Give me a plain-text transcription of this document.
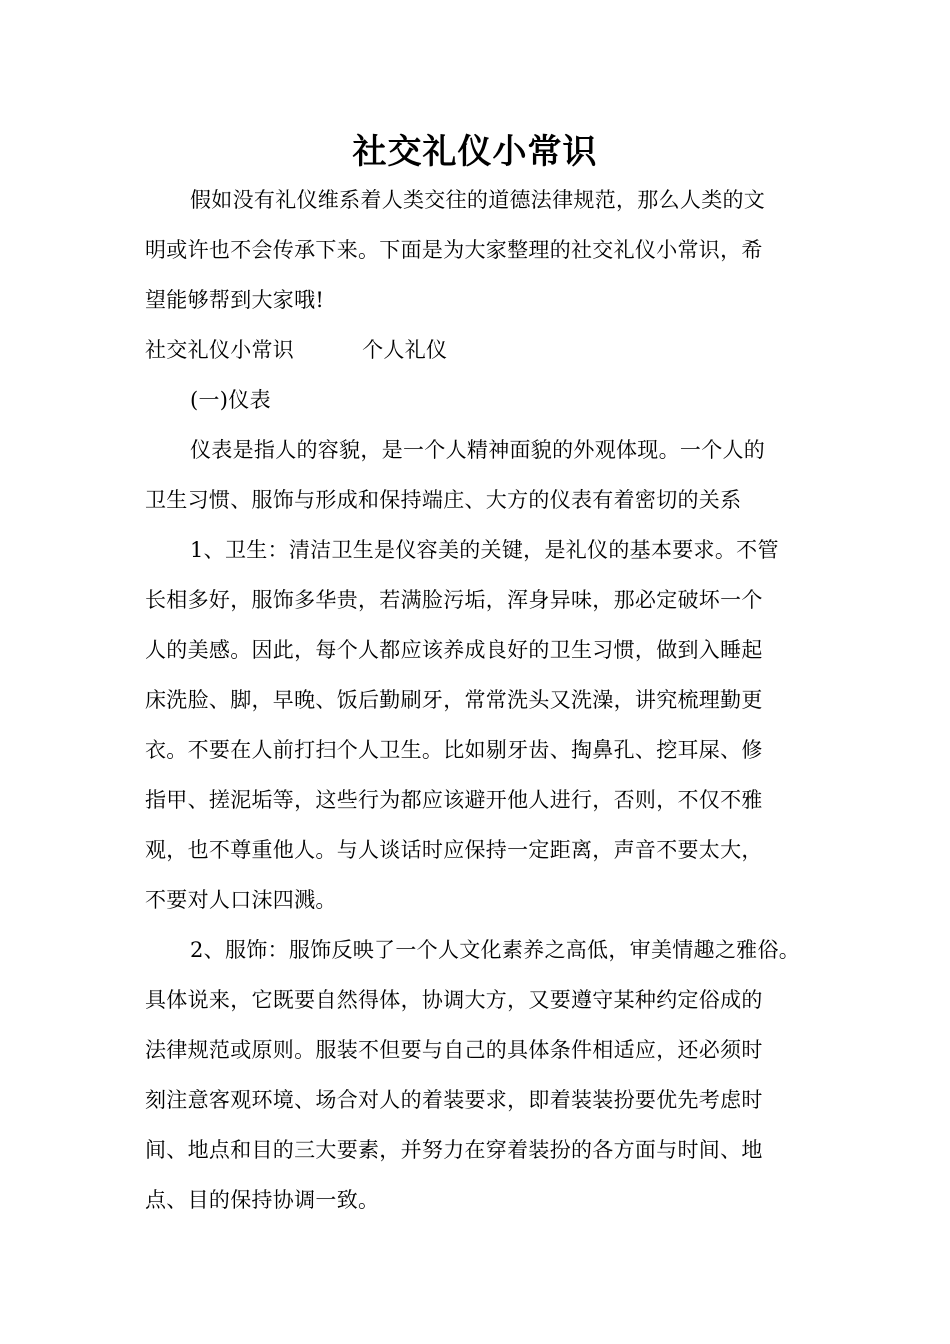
社交礼仪小常识
假如没有礼仪维系着人类交往的道德法律规范，那么人类的文
明或许也不会传承下来。下面是为大家整理的社交礼仪小常识，希
望能够帮到大家哦!
社交礼仪小常识	个人礼仪
(一)仪表
仪表是指人的容貌，是一个人精神面貌的外观体现。一个人的
卫生习惯、服饰与形成和保持端庄、大方的仪表有着密切的关系
1、卫生：清洁卫生是仪容美的关键，是礼仪的基本要求。不管
长相多好，服饰多华贵，若满脸污垢，浑身异味，那必定破坏一个
人的美感。因此，每个人都应该养成良好的卫生习惯，做到入睡起
床洗脸、脚，早晚、饭后勤刷牙，常常洗头又洗澡，讲究梳理勤更
衣。不要在人前打扫个人卫生。比如剔牙齿、掏鼻孔、挖耳屎、修
指甲、搓泥垢等，这些行为都应该避开他人进行，否则，不仅不雅
观，也不尊重他人。与人谈话时应保持一定距离，声音不要太大，
不要对人口沫四溅。
2、服饰：服饰反映了一个人文化素养之高低，审美情趣之雅俗。
具体说来，它既要自然得体，协调大方，又要遵守某种约定俗成的
法律规范或原则。服装不但要与自己的具体条件相适应，还必须时
刻注意客观环境、场合对人的着装要求，即着装装扮要优先考虑时
间、地点和目的三大要素，并努力在穿着装扮的各方面与时间、地
点、目的保持协调一致。
